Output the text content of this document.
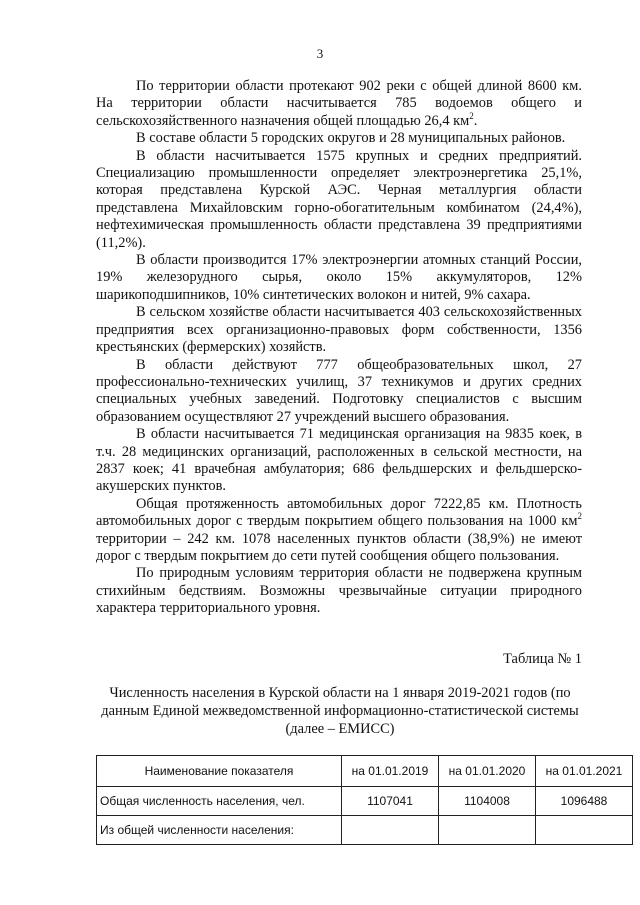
3

По территории области протекают 902 реки с общей длиной 8600 км. На территории области насчитывается 785 водоемов общего и сельскохозяйственного назначения общей площадью 26,4 $км^2$.

В составе области 5 городских округов и 28 муниципальных районов.

В области насчитывается 1575 крупных и средних предприятий. Специализацию промышленности определяет электроэнергетика 25,1%, которая представлена Курской АЭС. Черная металлургия области представлена Михайловским горно-обогатительным комбинатом (24,4%), нефтехимическая промышленность области представлена 39 предприятиями (11,2%).

В области производится 17% электроэнергии атомных станций России, 19% железорудного сырья, около 15% аккумуляторов, 12% шарикоподшипников, 10% синтетических волокон и нитей, 9% сахара.

В сельском хозяйстве области насчитывается 403 сельскохозяйственных предприятия всех организационно-правовых форм собственности, 1356 крестьянских (фермерских) хозяйств.

В области действуют 777 общеобразовательных школ, 27 профессионально-технических училищ, 37 техникумов и других средних специальных учебных заведений. Подготовку специалистов с высшим образованием осуществляют 27 учреждений высшего образования.

В области насчитывается 71 медицинская организация на 9835 коек, в т.ч. 28 медицинских организаций, расположенных в сельской местности, на 2837 коек; 41 врачебная амбулатория; 686 фельдшерских и фельдшерско-акушерских пунктов.

Общая протяженность автомобильных дорог 7222,85 км. Плотность автомобильных дорог с твердым покрытием общего пользования на 1000 $км^2$ территории – 242 км. 1078 населенных пунктов области (38,9%) не имеют дорог с твердым покрытием до сети путей сообщения общего пользования.

По природным условиям территория области не подвержена крупным стихийным бедствиям. Возможны чрезвычайные ситуации природного характера территориального уровня.

Таблица № 1
Численность населения в Курской области на 1 января 2019-2021 годов (по данным Единой межведомственной информационно-статистической системы (далее – ЕМИСС)
Наименование показателя	на 01.01.2019	на 01.01.2020	на 01.01.2021
Общая численность населения, чел.	1107041	1104008	1096488
Из общей численности населения:			
